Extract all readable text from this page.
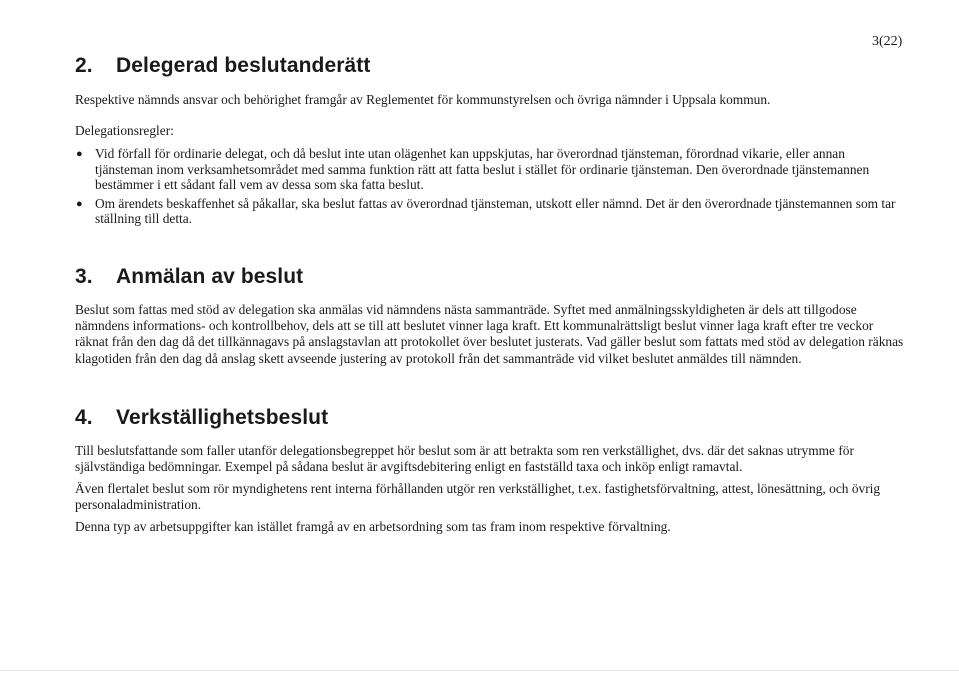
3(22)
2. Delegerad beslutanderätt
Respektive nämnds ansvar och behörighet framgår av Reglementet för kommunstyrelsen och övriga nämnder i Uppsala kommun.
Delegationsregler:
● Vid förfall för ordinarie delegat, och då beslut inte utan olägenhet kan uppskjutas, har överordnad tjänsteman, förordnad vikarie, eller annan tjänsteman inom verksamhetsområdet med samma funktion rätt att fatta beslut i stället för ordinarie tjänsteman. Den överordnade tjänstemannen bestämmer i ett sådant fall vem av dessa som ska fatta beslut.
● Om ärendets beskaffenhet så påkallar, ska beslut fattas av överordnad tjänsteman, utskott eller nämnd. Det är den överordnade tjänstemannen som tar ställning till detta.
3. Anmälan av beslut
Beslut som fattas med stöd av delegation ska anmälas vid nämndens nästa sammanträde. Syftet med anmälningsskyldigheten är dels att tillgodose nämndens informations- och kontrollbehov, dels att se till att beslutet vinner laga kraft. Ett kommunalrättsligt beslut vinner laga kraft efter tre veckor räknat från den dag då det tillkännagavs på anslagstavlan att protokollet över beslutet justerats. Vad gäller beslut som fattats med stöd av delegation räknas klagotiden från den dag då anslag skett avseende justering av protokoll från det sammanträde vid vilket beslutet anmäldes till nämnden.
4. Verkställighetsbeslut
Till beslutsfattande som faller utanför delegationsbegreppet hör beslut som är att betrakta som ren verkställighet, dvs. där det saknas utrymme för självständiga bedömningar. Exempel på sådana beslut är avgiftsdebitering enligt en fastställd taxa och inköp enligt ramavtal.
Även flertalet beslut som rör myndighetens rent interna förhållanden utgör ren verkställighet, t.ex. fastighetsförvaltning, attest, lönesättning, och övrig personaladministration.
Denna typ av arbetsuppgifter kan istället framgå av en arbetsordning som tas fram inom respektive förvaltning.
